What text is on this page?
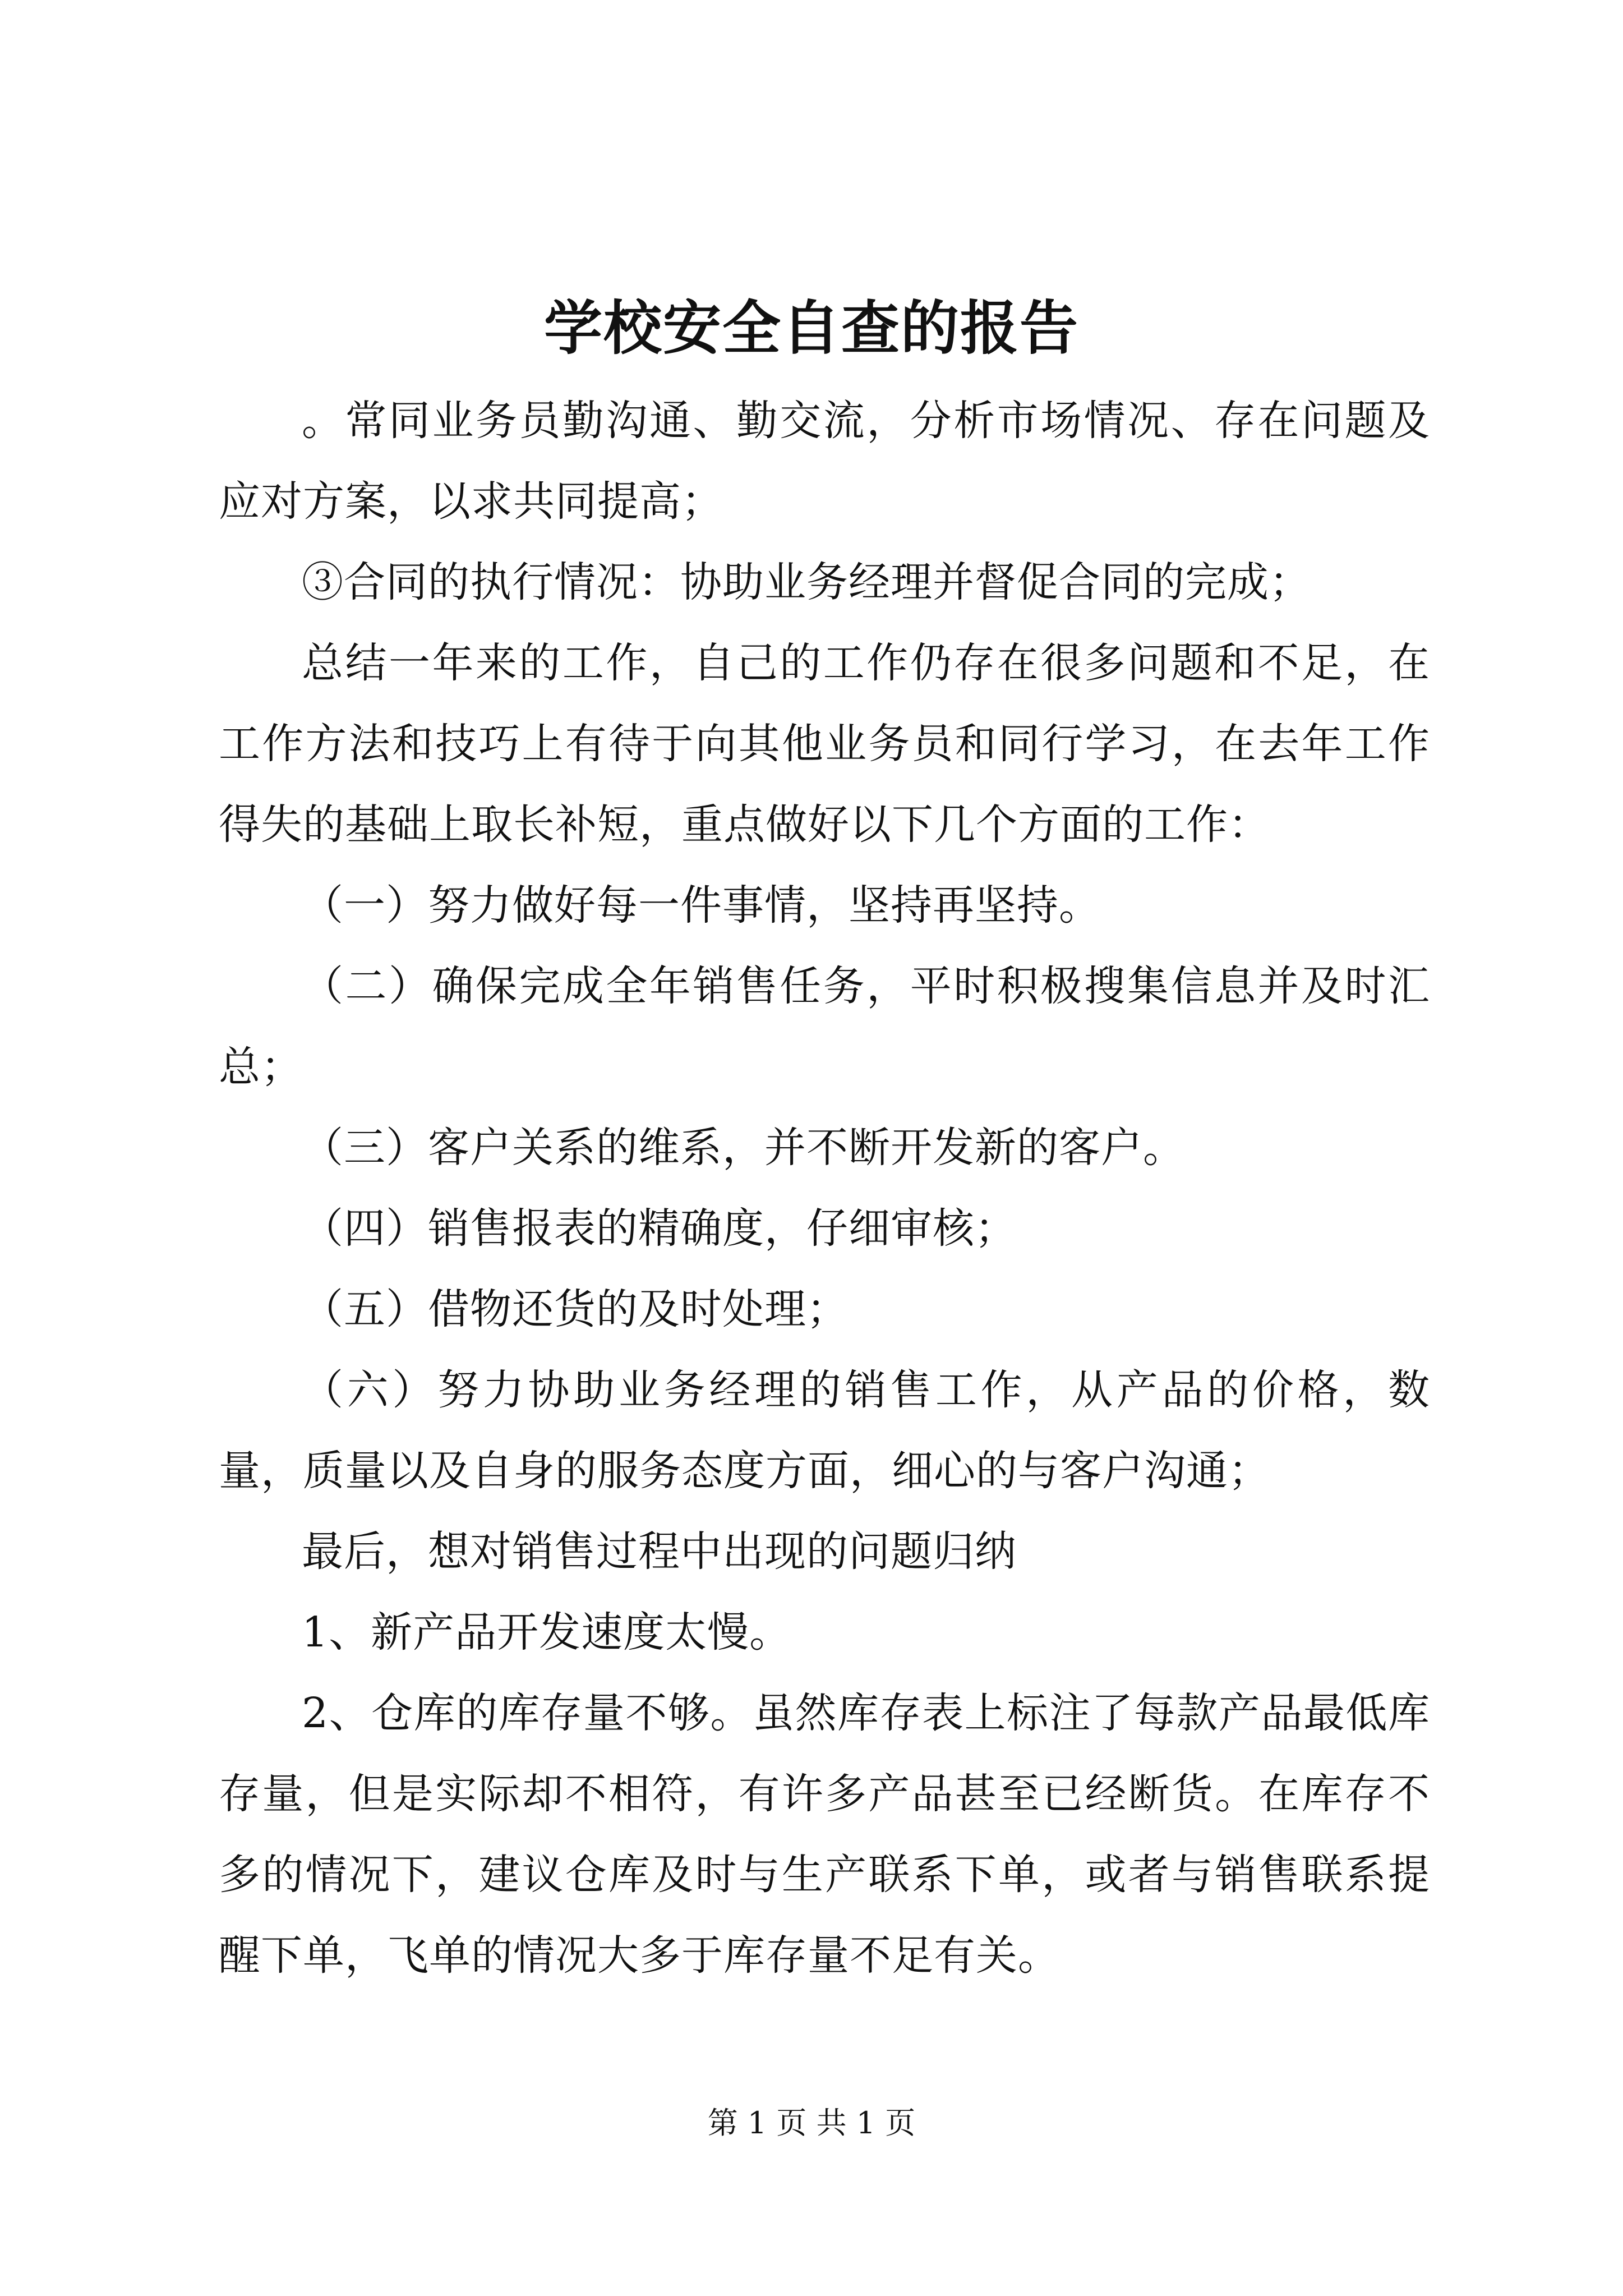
学校安全自查的报告

。常同业务员勤沟通、勤交流，分析市场情况、存在问题及应对方案，以求共同提高；

③合同的执行情况：协助业务经理并督促合同的完成；

总结一年来的工作，自己的工作仍存在很多问题和不足，在工作方法和技巧上有待于向其他业务员和同行学习，在去年工作得失的基础上取长补短，重点做好以下几个方面的工作：

（一）努力做好每一件事情，坚持再坚持。

（二）确保完成全年销售任务，平时积极搜集信息并及时汇总；

（三）客户关系的维系，并不断开发新的客户。

（四）销售报表的精确度，仔细审核；

（五）借物还货的及时处理；

（六）努力协助业务经理的销售工作，从产品的价格，数量，质量以及自身的服务态度方面，细心的与客户沟通；

最后，想对销售过程中出现的问题归纳

1、新产品开发速度太慢。

2、仓库的库存量不够。虽然库存表上标注了每款产品最低库存量，但是实际却不相符，有许多产品甚至已经断货。在库存不多的情况下，建议仓库及时与生产联系下单，或者与销售联系提醒下单，飞单的情况大多于库存量不足有关。

第 1 页 共 1 页
